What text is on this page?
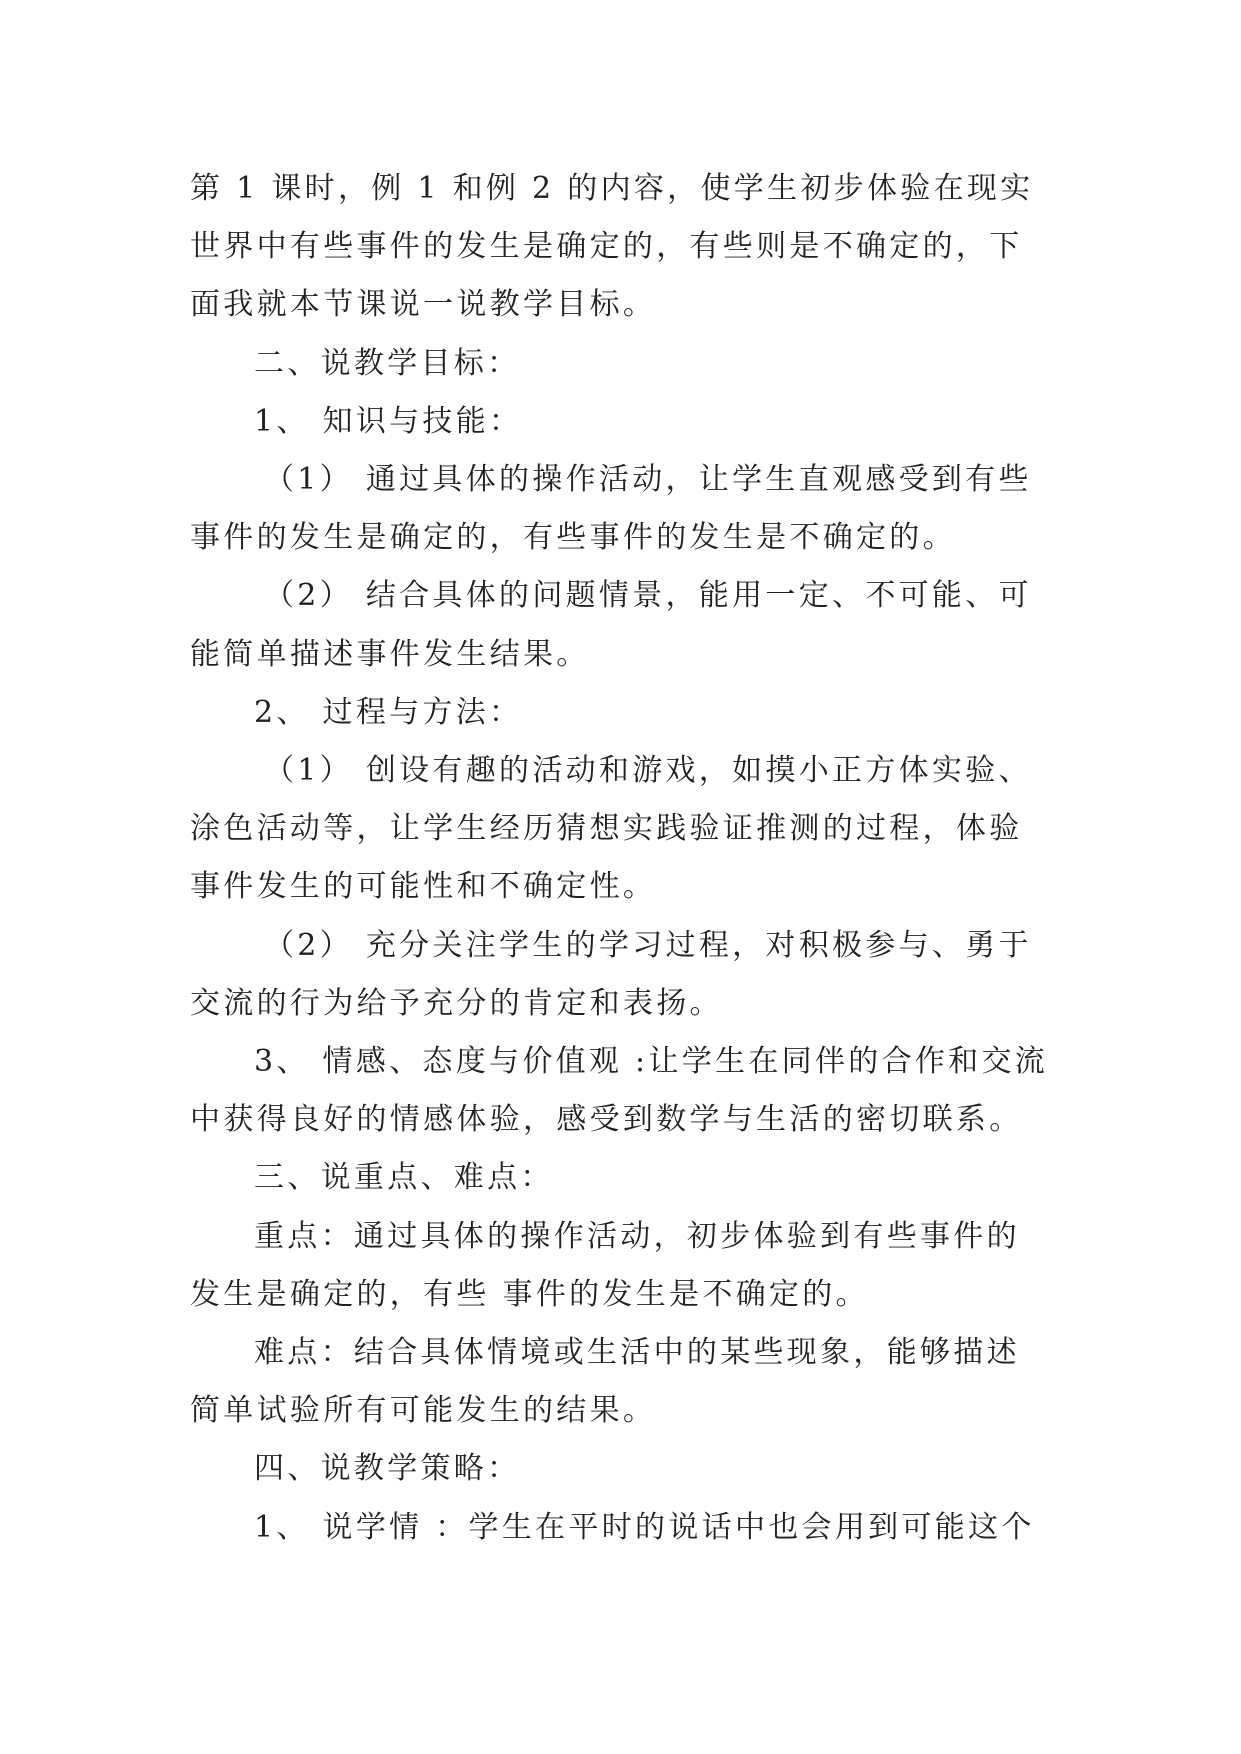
第 1 课时，例 1 和例 2 的内容，使学生初步体验在现实世界中有些事件的发生是确定的，有些则是不确定的，下面我就本节课说一说教学目标。

二、说教学目标：

1、 知识与技能：

（1） 通过具体的操作活动，让学生直观感受到有些事件的发生是确定的，有些事件的发生是不确定的。

（2） 结合具体的问题情景，能用一定、不可能、可能简单描述事件发生结果。

2、 过程与方法：

（1） 创设有趣的活动和游戏，如摸小正方体实验、涂色活动等，让学生经历猜想实践验证推测的过程，体验事件发生的可能性和不确定性。

（2） 充分关注学生的学习过程，对积极参与、勇于交流的行为给予充分的肯定和表扬。

3、 情感、态度与价值观 :让学生在同伴的合作和交流中获得良好的情感体验，感受到数学与生活的密切联系。

三、说重点、难点：

重点：通过具体的操作活动，初步体验到有些事件的发生是确定的，有些 事件的发生是不确定的。

难点：结合具体情境或生活中的某些现象，能够描述简单试验所有可能发生的结果。

四、说教学策略：

1、 说学情 ：学生在平时的说话中也会用到可能这个
